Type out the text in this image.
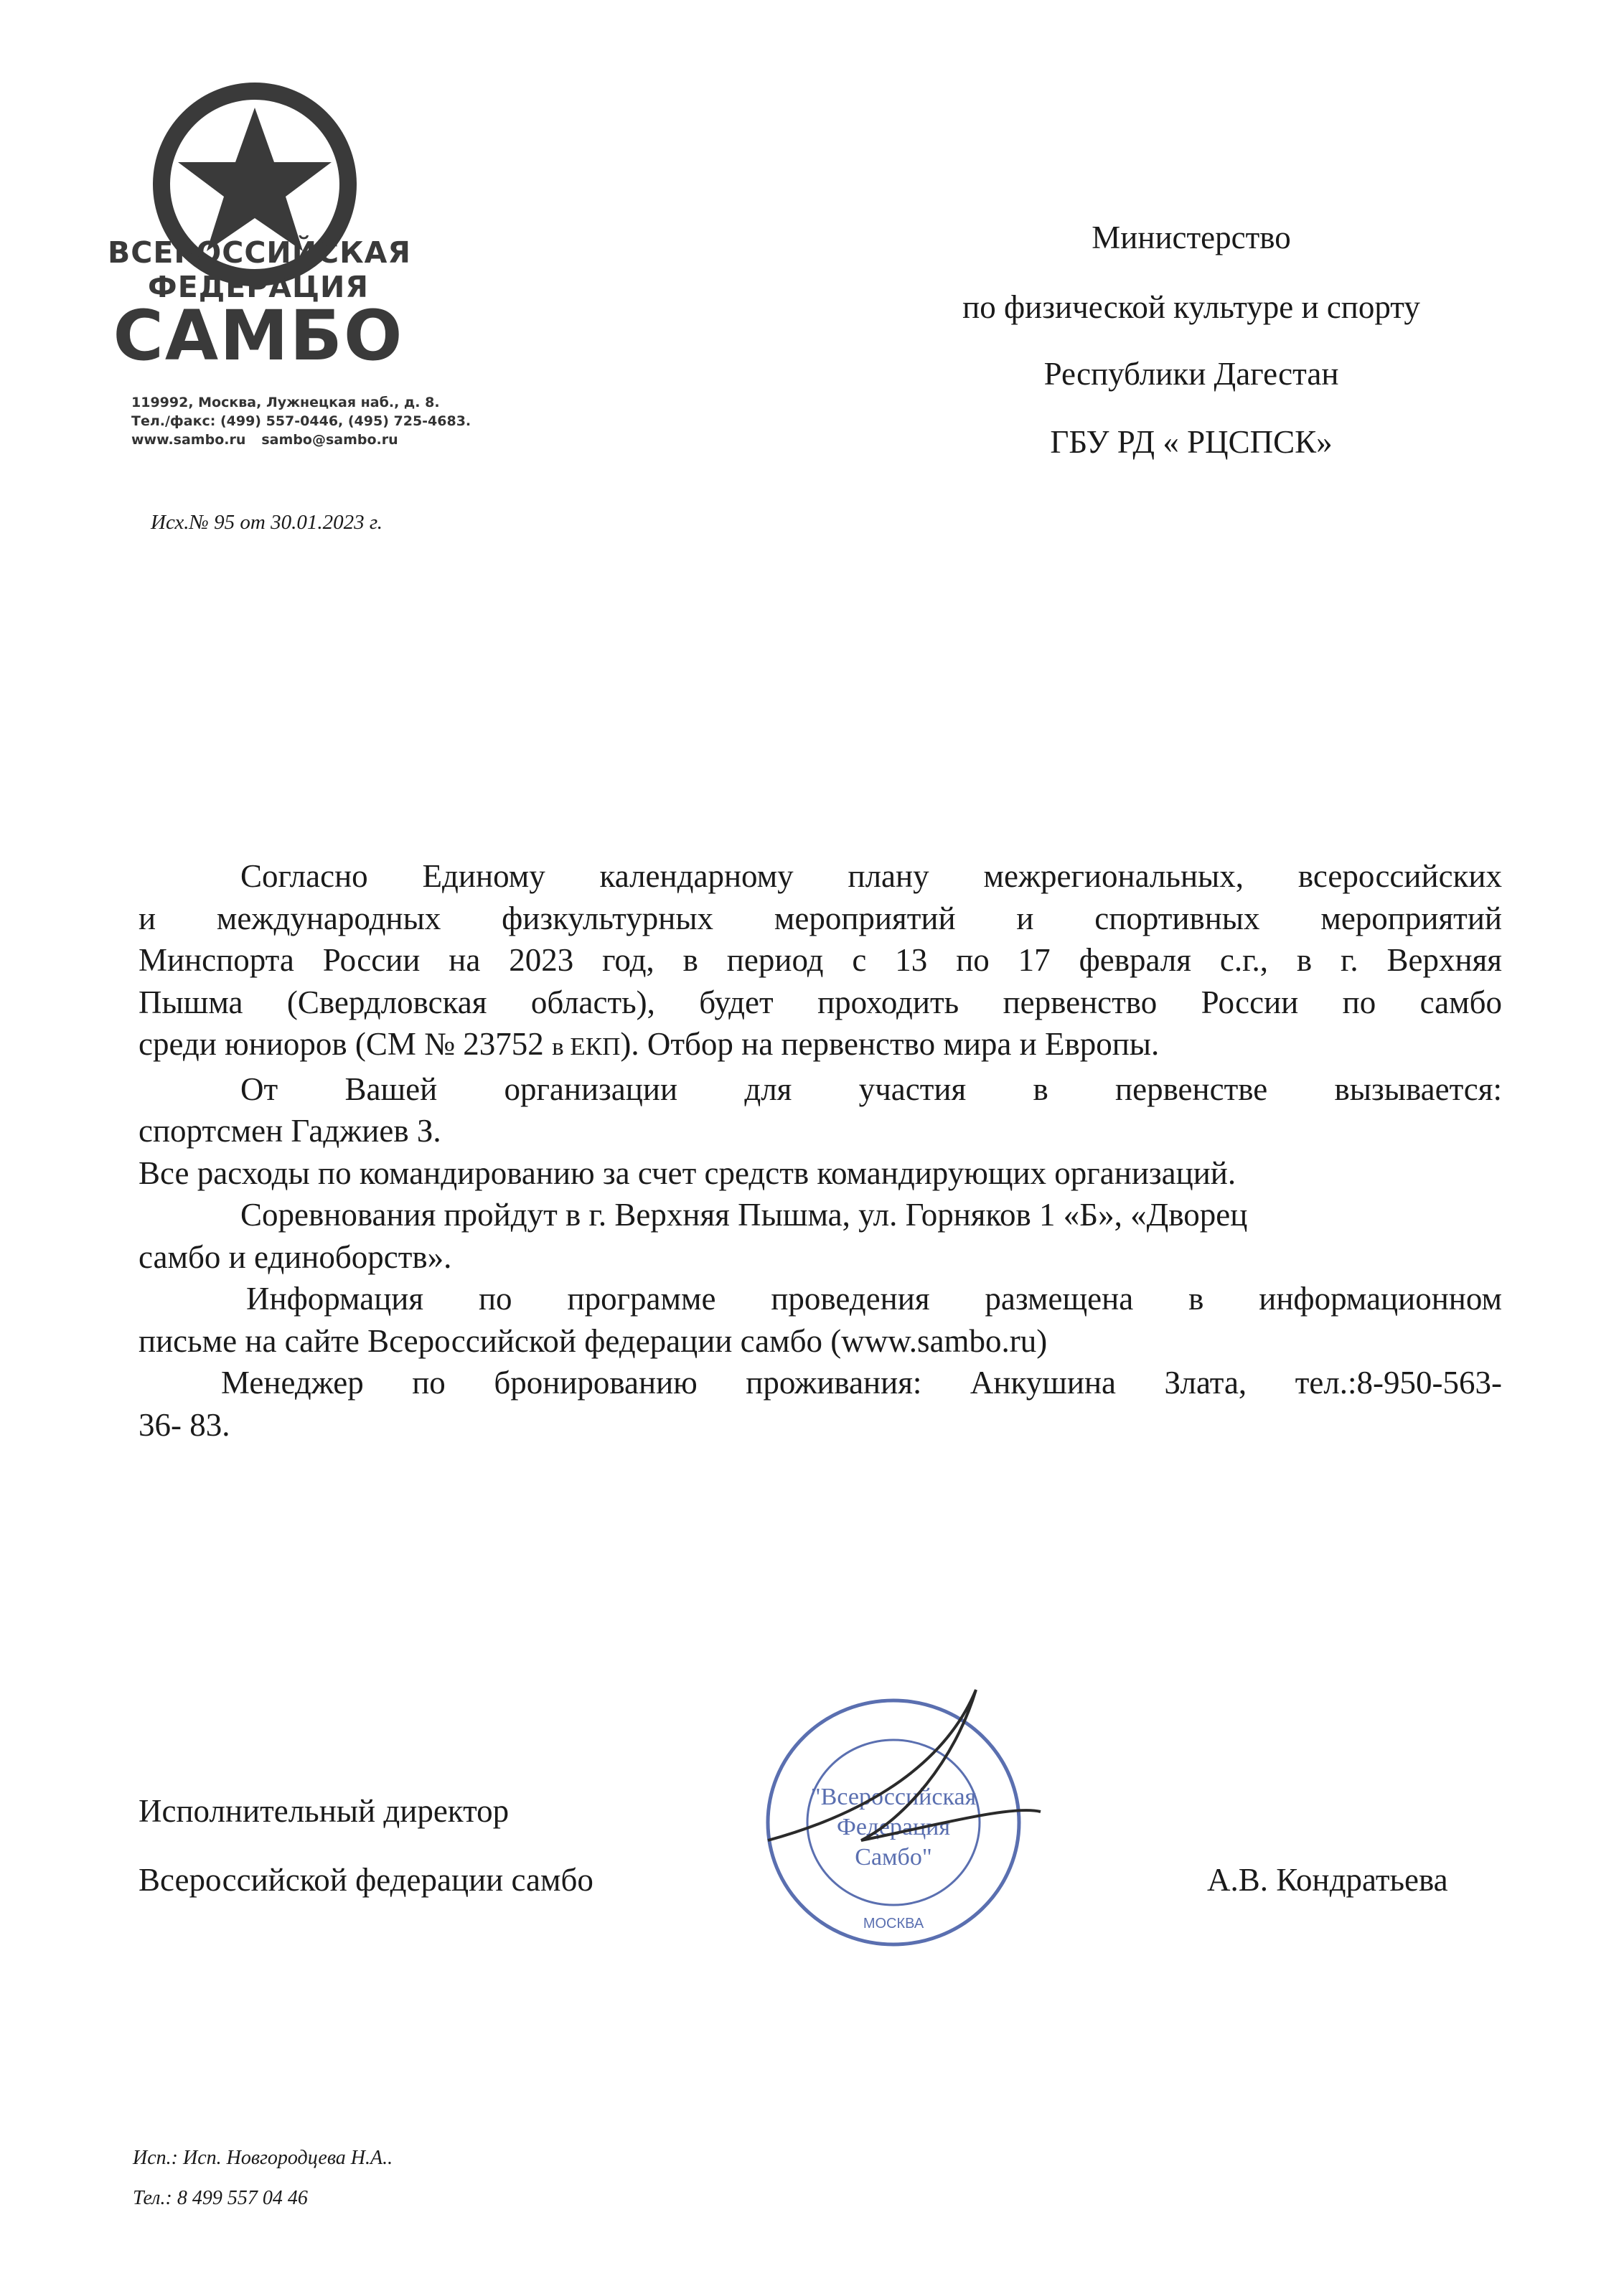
ВСЕРОССИЙСКАЯ
ФЕДЕРАЦИЯ
САМБО
119992, Москва, Лужнецкая наб., д. 8.
Тел./факс: (499) 557-0446, (495) 725-4683.
www.sambo.ru sambo@sambo.ru
Исх.№ 95 от 30.01.2023 г.
Министерство
по физической культуре и спорту
Республики Дагестан
ГБУ РД « РЦСПСК»

Согласно Единому календарному плану межрегиональных, всероссийских

и международных физкультурных мероприятий и спортивных мероприятий

Минспорта России на 2023 год, в период с 13 по 17 февраля с.г., в г. Верхняя

Пышма (Свердловская область), будет проходить первенство России по самбо

среди юниоров (СМ № 23752 в ЕКП). Отбор на первенство мира и Европы.

От Вашей организации для участия в первенстве вызывается:

спортсмен Гаджиев З.

Все расходы по командированию за счет средств командирующих организаций.

Соревнования пройдут в г. Верхняя Пышма, ул. Горняков 1 «Б», «Дворец

самбо и единоборств».

Информация по программе проведения размещена в информационном

письме на сайте Всероссийской федерации самбо (www.sambo.ru)

Менеджер по бронированию проживания: Анкушина Злата, тел.:8-950-563-

36- 83.

Исполнительный директор
Всероссийской федерации самбо
"Всероссийская
Федерация
Самбо"
МОСКВА
А.В. Кондратьева
Исп.: Исп. Новгородцева Н.А..
Тел.: 8 499 557 04 46
